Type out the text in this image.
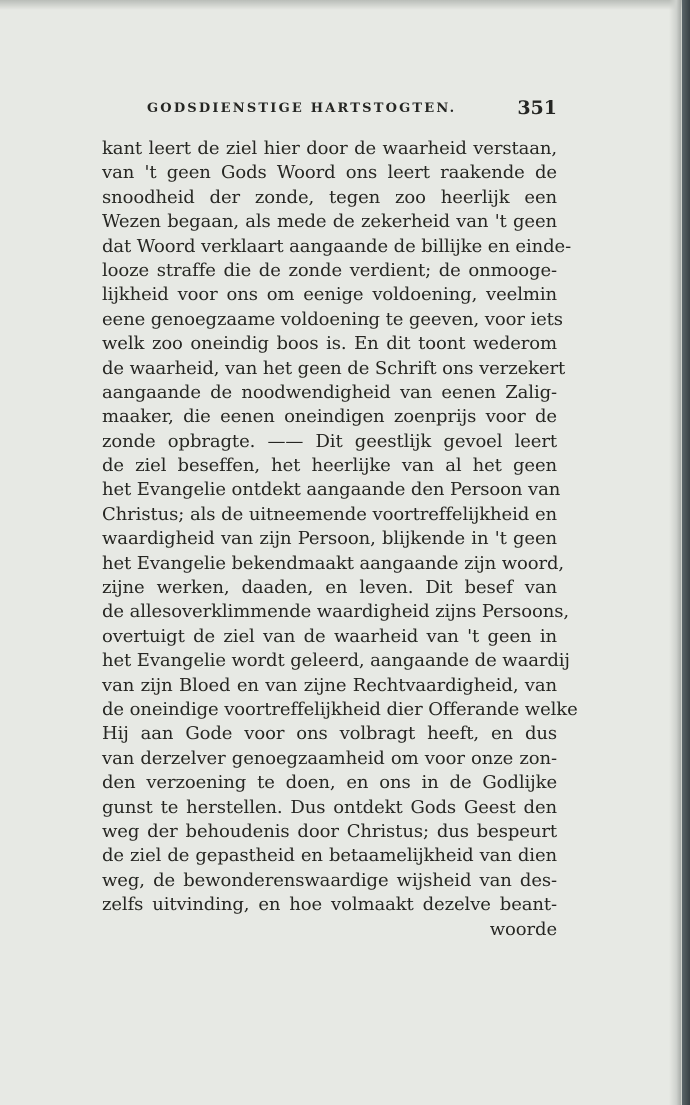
GODSDIENSTIGE HARTSTOGTEN.	351
kant leert de ziel hier door de waarheid verstaan,
van 't geen Gods Woord ons leert raakende de
snoodheid der zonde, tegen zoo heerlijk een
Wezen begaan, als mede de zekerheid van 't geen
dat Woord verklaart aangaande de billijke en einde-
looze straffe die de zonde verdient; de onmooge-
lijkheid voor ons om eenige voldoening, veelmin
eene genoegzaame voldoening te geeven, voor iets
welk zoo oneindig boos is. En dit toont wederom
de waarheid, van het geen de Schrift ons verzekert
aangaande de noodwendigheid van eenen Zalig-
maaker, die eenen oneindigen zoenprijs voor de
zonde opbragte. —— Dit geestlijk gevoel leert
de ziel beseffen, het heerlijke van al het geen
het Evangelie ontdekt aangaande den Persoon van
Christus; als de uitneemende voortreffelijkheid en
waardigheid van zijn Persoon, blijkende in 't geen
het Evangelie bekendmaakt aangaande zijn woord,
zijne werken, daaden, en leven. Dit besef van
de allesoverklimmende waardigheid zijns Persoons,
overtuigt de ziel van de waarheid van 't geen in
het Evangelie wordt geleerd, aangaande de waardij
van zijn Bloed en van zijne Rechtvaardigheid, van
de oneindige voortreffelijkheid dier Offerande welke
Hij aan Gode voor ons volbragt heeft, en dus
van derzelver genoegzaamheid om voor onze zon-
den verzoening te doen, en ons in de Godlijke
gunst te herstellen. Dus ontdekt Gods Geest den
weg der behoudenis door Christus; dus bespeurt
de ziel de gepastheid en betaamelijkheid van dien
weg, de bewonderenswaardige wijsheid van des-
zelfs uitvinding, en hoe volmaakt dezelve beant-
woorde
